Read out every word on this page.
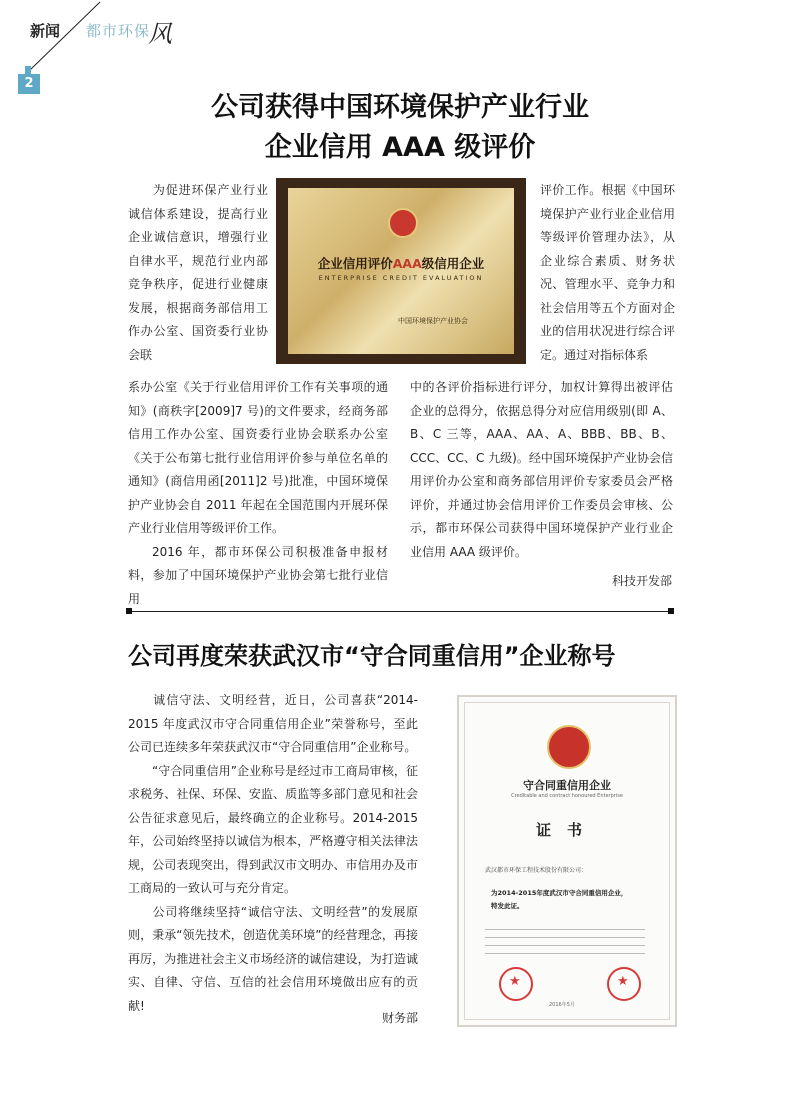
新闻 都市环保
风
2
公司获得中国环境保护产业行业
企业信用 AAA 级评价

为促进环保产业行业诚信体系建设，提高行业企业诚信意识，增强行业自律水平，规范行业内部竞争秩序，促进行业健康发展，根据商务部信用工作办公室、国资委行业协会联

企业信用评价AAA级信用企业
ENTERPRISE CREDIT EVALUATION
中国环境保护产业协会

评价工作。根据《中国环境保护产业行业企业信用等级评价管理办法》，从企业综合素质、财务状况、管理水平、竞争力和社会信用等五个方面对企业的信用状况进行综合评定。通过对指标体系

系办公室《关于行业信用评价工作有关事项的通知》(商秩字[2009]7 号)的文件要求，经商务部信用工作办公室、国资委行业协会联系办公室《关于公布第七批行业信用评价参与单位名单的通知》(商信用函[2011]2 号)批准，中国环境保护产业协会自 2011 年起在全国范围内开展环保产业行业信用等级评价工作。

2016 年，都市环保公司积极准备申报材料，参加了中国环境保护产业协会第七批行业信用

中的各评价指标进行评分，加权计算得出被评估企业的总得分，依据总得分对应信用级别(即 A、B、C 三等，AAA、AA、A、BBB、BB、B、CCC、CC、C 九级)。经中国环境保护产业协会信用评价办公室和商务部信用评价专家委员会严格评价，并通过协会信用评价工作委员会审核、公示，都市环保公司获得中国环境保护产业行业企业信用 AAA 级评价。

科技开发部
公司再度荣获武汉市“守合同重信用”企业称号

诚信守法、文明经营，近日，公司喜获“2014-2015 年度武汉市守合同重信用企业”荣誉称号，至此公司已连续多年荣获武汉市“守合同重信用”企业称号。

“守合同重信用”企业称号是经过市工商局审核，征求税务、社保、环保、安监、质监等多部门意见和社会公告征求意见后，最终确立的企业称号。2014-2015 年，公司始终坚持以诚信为根本，严格遵守相关法律法规，公司表现突出，得到武汉市文明办、市信用办及市工商局的一致认可与充分肯定。

公司将继续坚持“诚信守法、文明经营”的发展原则，秉承“领先技术，创造优美环境”的经营理念，再接再厉，为推进社会主义市场经济的诚信建设，为打造诚实、自律、守信、互信的社会信用环境做出应有的贡献!

财务部
守合同重信用企业
Creditable and contract honoured Enterprise
证书
武汉都市环保工程技术股份有限公司：
为2014-2015年度武汉市守合同重信用企业，
特发此证。
★	★
2016年5月
